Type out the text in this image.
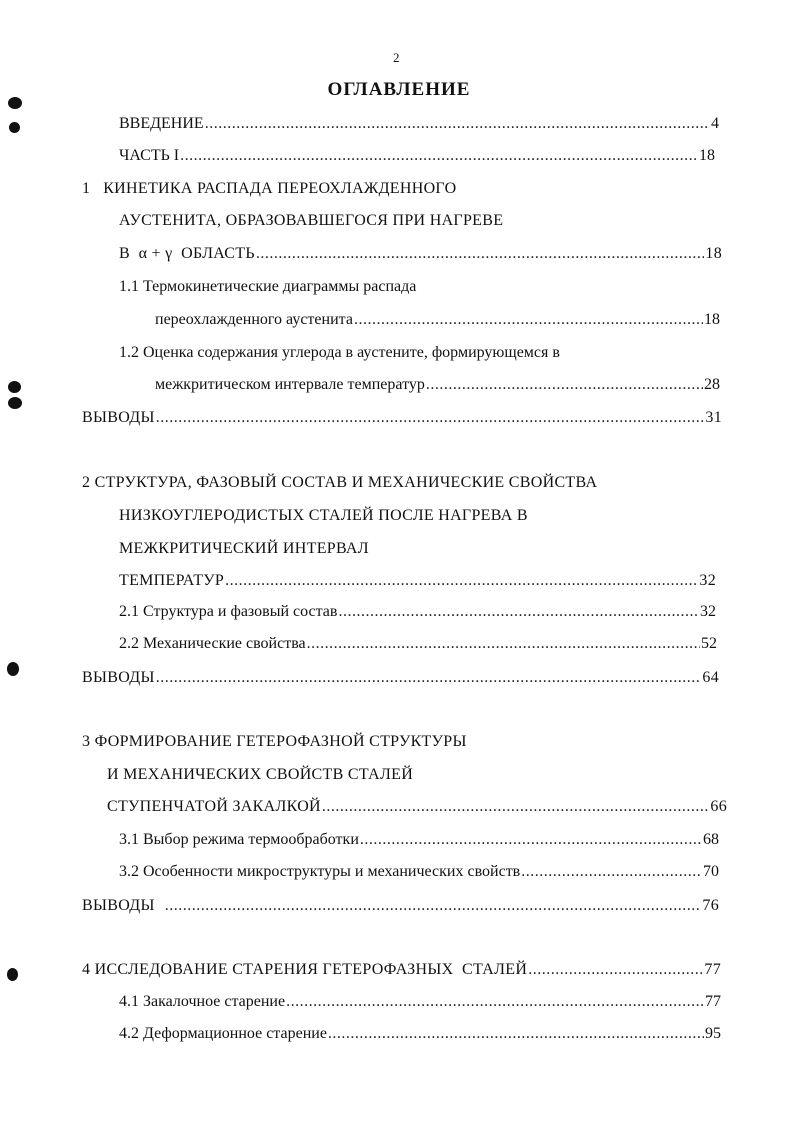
2
ОГЛАВЛЕНИЕ
ВВЕДЕНИЕ .....	4
ЧАСТЬ I .....	18
1   КИНЕТИКА РАСПАДА ПЕРЕОХЛАЖДЕННОГО
АУСТЕНИТА, ОБРАЗОВАВШЕГОСЯ ПРИ НАГРЕВЕ
В  α + γ  ОБЛАСТЬ .....	18
1.1 Термокинетические диаграммы распада
переохлажденного аустенита .....	18
1.2 Оценка содержания углерода в аустените, формирующемся в
межкритическом интервале температур .....	28
ВЫВОДЫ .....	31
2 СТРУКТУРА, ФАЗОВЫЙ СОСТАВ И МЕХАНИЧЕСКИЕ СВОЙСТВА
НИЗКОУГЛЕРОДИСТЫХ СТАЛЕЙ ПОСЛЕ НАГРЕВА В
МЕЖКРИТИЧЕСКИЙ ИНТЕРВАЛ
ТЕМПЕРАТУР .....	32
2.1 Структура и фазовый состав .....	32
2.2 Механические свойства .....	52
ВЫВОДЫ .....	64
3 ФОРМИРОВАНИЕ ГЕТЕРОФАЗНОЙ СТРУКТУРЫ
И МЕХАНИЧЕСКИХ СВОЙСТВ СТАЛЕЙ
СТУПЕНЧАТОЙ ЗАКАЛКОЙ .....	66
3.1 Выбор режима термообработки .....	68
3.2 Особенности микроструктуры и механических свойств .....	70
ВЫВОДЫ .....	76
4 ИССЛЕДОВАНИЕ СТАРЕНИЯ ГЕТЕРОФАЗНЫХ  СТАЛЕЙ .....	77
4.1 Закалочное старение .....	77
4.2 Деформационное старение .....	95
